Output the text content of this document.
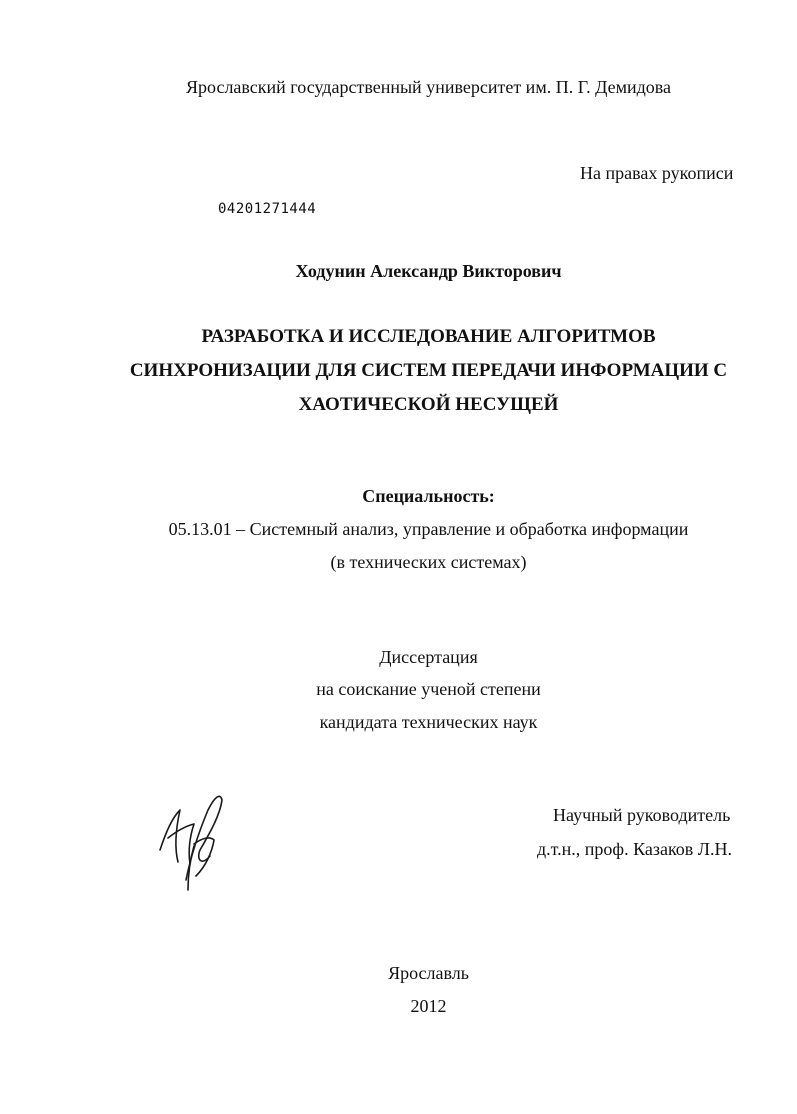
Ярославский государственный университет им. П. Г. Демидова
На правах рукописи
04201271444
Ходунин Александр Викторович
РАЗРАБОТКА И ИССЛЕДОВАНИЕ АЛГОРИТМОВ
СИНХРОНИЗАЦИИ ДЛЯ СИСТЕМ ПЕРЕДАЧИ ИНФОРМАЦИИ С
ХАОТИЧЕСКОЙ НЕСУЩЕЙ
Специальность:
05.13.01 – Системный анализ, управление и обработка информации
(в технических системах)
Диссертация
на соискание ученой степени
кандидата технических наук
Научный руководитель
д.т.н., проф. Казаков Л.Н.
Ярославль
2012
